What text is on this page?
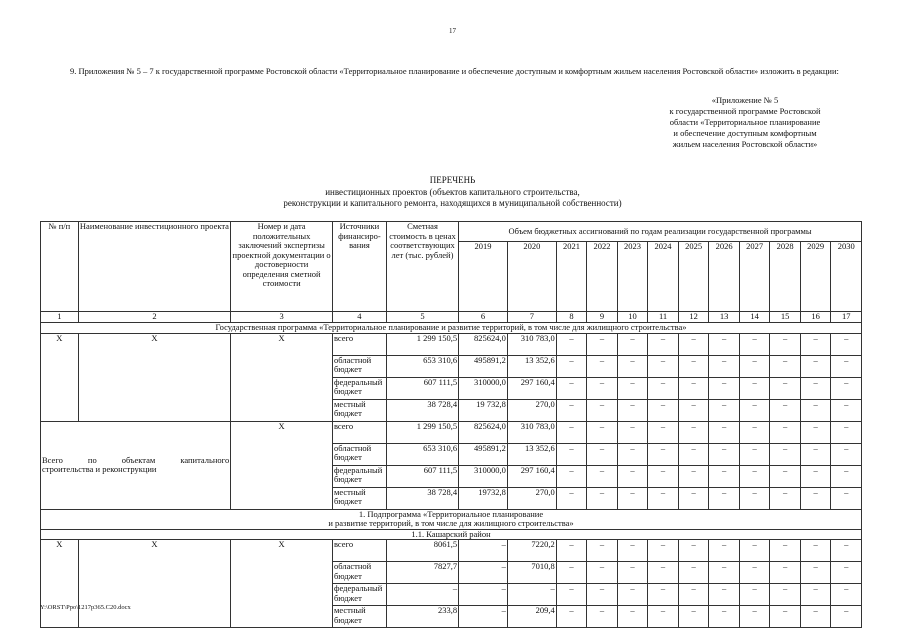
17
9. Приложения № 5 – 7 к государственной программе Ростовской области «Территориальное планирование и обеспечение доступным и комфортным жильем населения Ростовской области» изложить в редакции:
«Приложение № 5
к государственной программе Ростовской
области «Территориальное планирование
и обеспечение доступным комфортным
жильем населения Ростовской области»
ПЕРЕЧЕНЬ
инвестиционных проектов (объектов капитального строительства,
реконструкции и капитального ремонта, находящихся в муниципальной собственности)
№ п/п	Наименование инвестиционного проекта	Номер и дата положительных заключений экспертизы проектной документации о достоверности определения сметной стоимости	Источники финансирования	Сметная стоимость в ценах соответствующих лет (тыс. рублей)	Объем бюджетных ассигнований по годам реализации государственной программы											
					2019	2020	2021	2022	2023	2024	2025	2026	2027	2028	2029	2030
1	2	3	4	5	6	7	8	9	10	11	12	13	14	15	16	17
Государственная программа «Территориальное планирование и развитие территорий, в том числе для жилищного строительства»																
Х	Х	Х	всего	1 299 150,5	825624,0	310 783,0	–	–	–	–	–	–	–	–	–	–
			областной бюджет	653 310,6	495891,2	13 352,6	–	–	–	–	–	–	–	–	–	–
			федеральный бюджет	607 111,5	310000,0	297 160,4	–	–	–	–	–	–	–	–	–	–
			местный бюджет	38 728,4	19 732,8	270,0	–	–	–	–	–	–	–	–	–	–

Всего по объектам капитального
строительства и реконструкции		Х	всего	1 299 150,5	825624,0	310 783,0	–	–	–	–	–	–	–	–	–	–
			областной бюджет	653 310,6	495891,2	13 352,6	–	–	–	–	–	–	–	–	–	–
			федеральный бюджет	607 111,5	310000,0	297 160,4	–	–	–	–	–	–	–	–	–	–
			местный бюджет	38 728,4	19732,8	270,0	–	–	–	–	–	–	–	–	–	–

1. Подпрограмма «Территориальное планирование
и развитие территорий, в том числе для жилищного строительства»																

1.1. Кашарский район																
Х	Х	Х	всего	8061,5	–	7220,2	–	–	–	–	–	–	–	–	–	–
			областной бюджет	7827,7	–	7010,8	–	–	–	–	–	–	–	–	–	–
			федеральный бюджет	–	–	–	–	–	–	–	–	–	–	–	–	–
			местный бюджет	233,8	–	209,4	–	–	–	–	–	–	–	–	–	–
Y:\ORST\Ppo\1217p365.C20.docx
